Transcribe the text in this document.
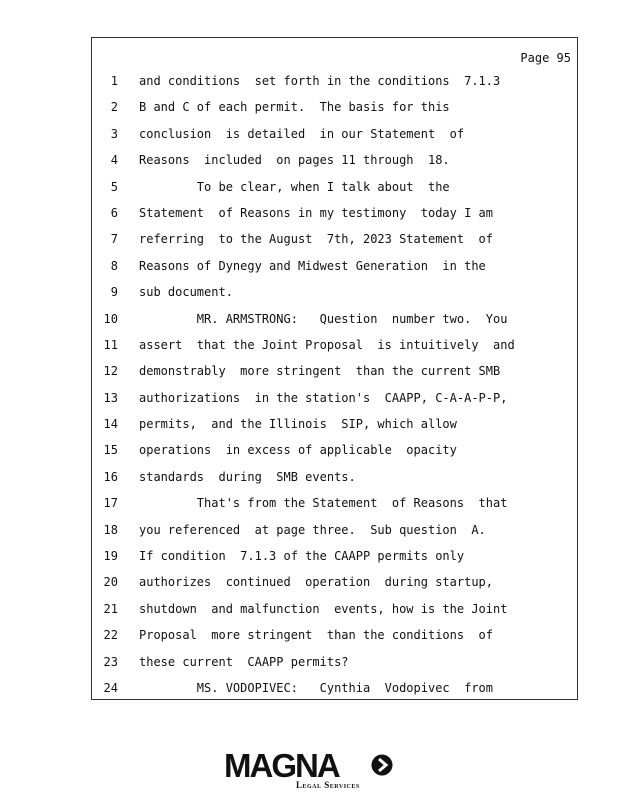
Page 95
1 and conditions  set forth in the conditions  7.1.3
2 B and C of each permit.  The basis for this
3 conclusion  is detailed  in our Statement  of
4 Reasons  included  on pages 11 through  18.
5 To be clear, when I talk about  the
6 Statement  of Reasons in my testimony  today I am
7 referring  to the August  7th, 2023 Statement  of
8 Reasons of Dynegy and Midwest Generation  in the
9 sub document.
10 MR. ARMSTRONG:   Question  number two.  You
11 assert  that the Joint Proposal  is intuitively  and
12 demonstrably  more stringent  than the current SMB
13 authorizations  in the station's  CAAPP, C-A-A-P-P,
14 permits,  and the Illinois  SIP, which allow
15 operations  in excess of applicable  opacity
16 standards  during  SMB events.
17 That's from the Statement  of Reasons  that
18 you referenced  at page three.  Sub question  A.
19 If condition  7.1.3 of the CAAPP permits only
20 authorizes  continued  operation  during startup,
21 shutdown  and malfunction  events, how is the Joint
22 Proposal  more stringent  than the conditions  of
23 these current  CAAPP permits?
24 MS. VODOPIVEC:   Cynthia  Vodopivec  from
MAGNA
Legal Services
